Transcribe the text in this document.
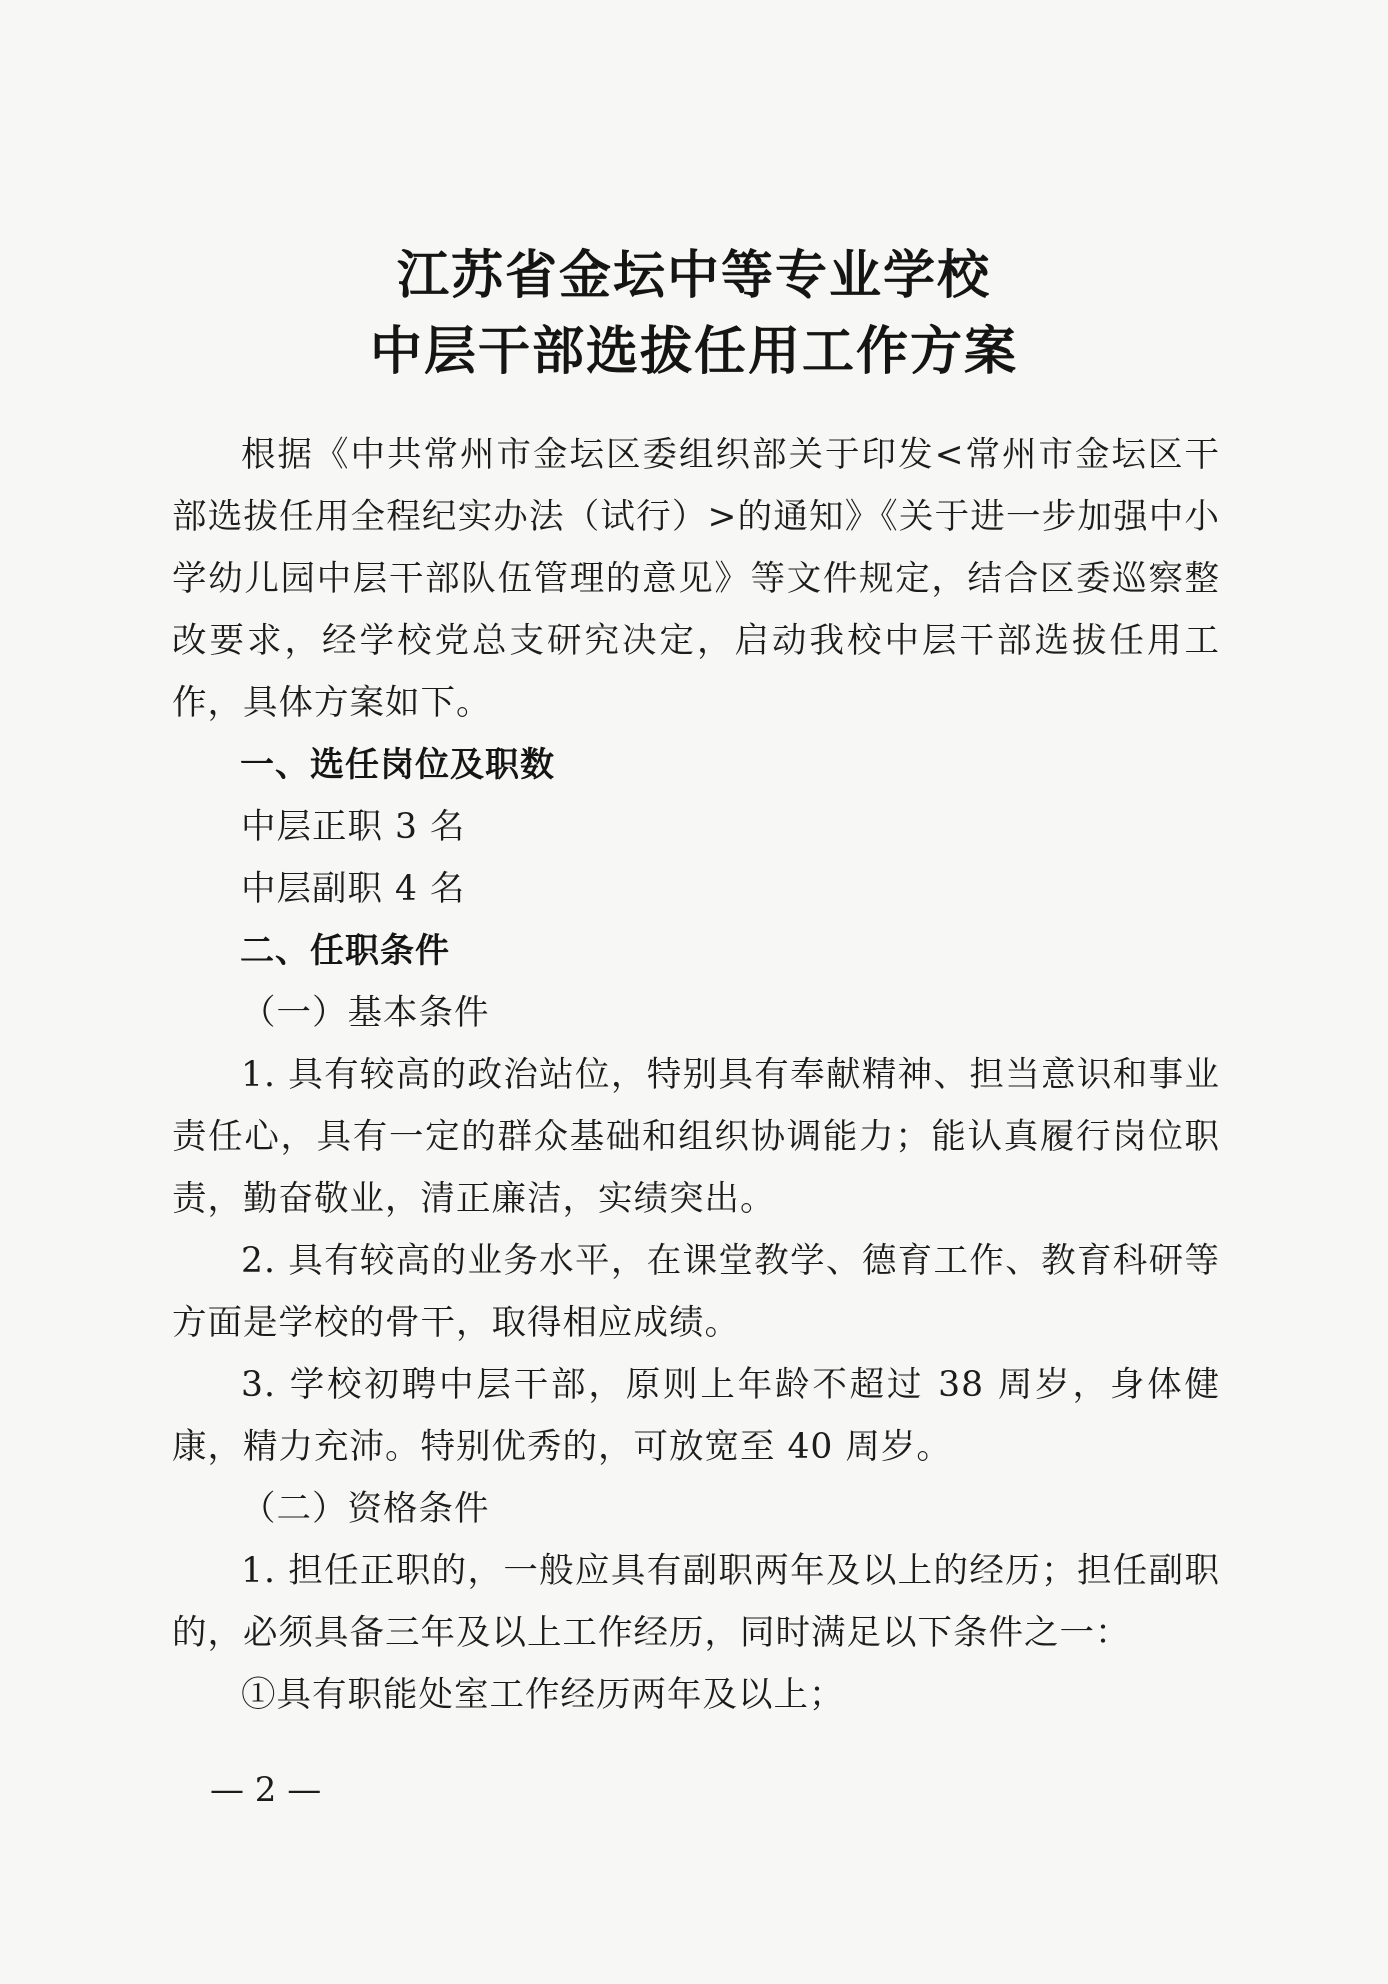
江苏省金坛中等专业学校
中层干部选拔任用工作方案

根据《中共常州市金坛区委组织部关于印发<常州市金坛区干部选拔任用全程纪实办法（试行）>的通知》《关于进一步加强中小学幼儿园中层干部队伍管理的意见》等文件规定，结合区委巡察整改要求，经学校党总支研究决定，启动我校中层干部选拔任用工作，具体方案如下。

一、选任岗位及职数

中层正职 3 名

中层副职 4 名

二、任职条件

（一）基本条件

1. 具有较高的政治站位，特别具有奉献精神、担当意识和事业责任心，具有一定的群众基础和组织协调能力；能认真履行岗位职责，勤奋敬业，清正廉洁，实绩突出。

2. 具有较高的业务水平，在课堂教学、德育工作、教育科研等方面是学校的骨干，取得相应成绩。

3. 学校初聘中层干部，原则上年龄不超过 38 周岁，身体健康，精力充沛。特别优秀的，可放宽至 40 周岁。

（二）资格条件

1. 担任正职的，一般应具有副职两年及以上的经历；担任副职的，必须具备三年及以上工作经历，同时满足以下条件之一：

①具有职能处室工作经历两年及以上；

— 2 —
